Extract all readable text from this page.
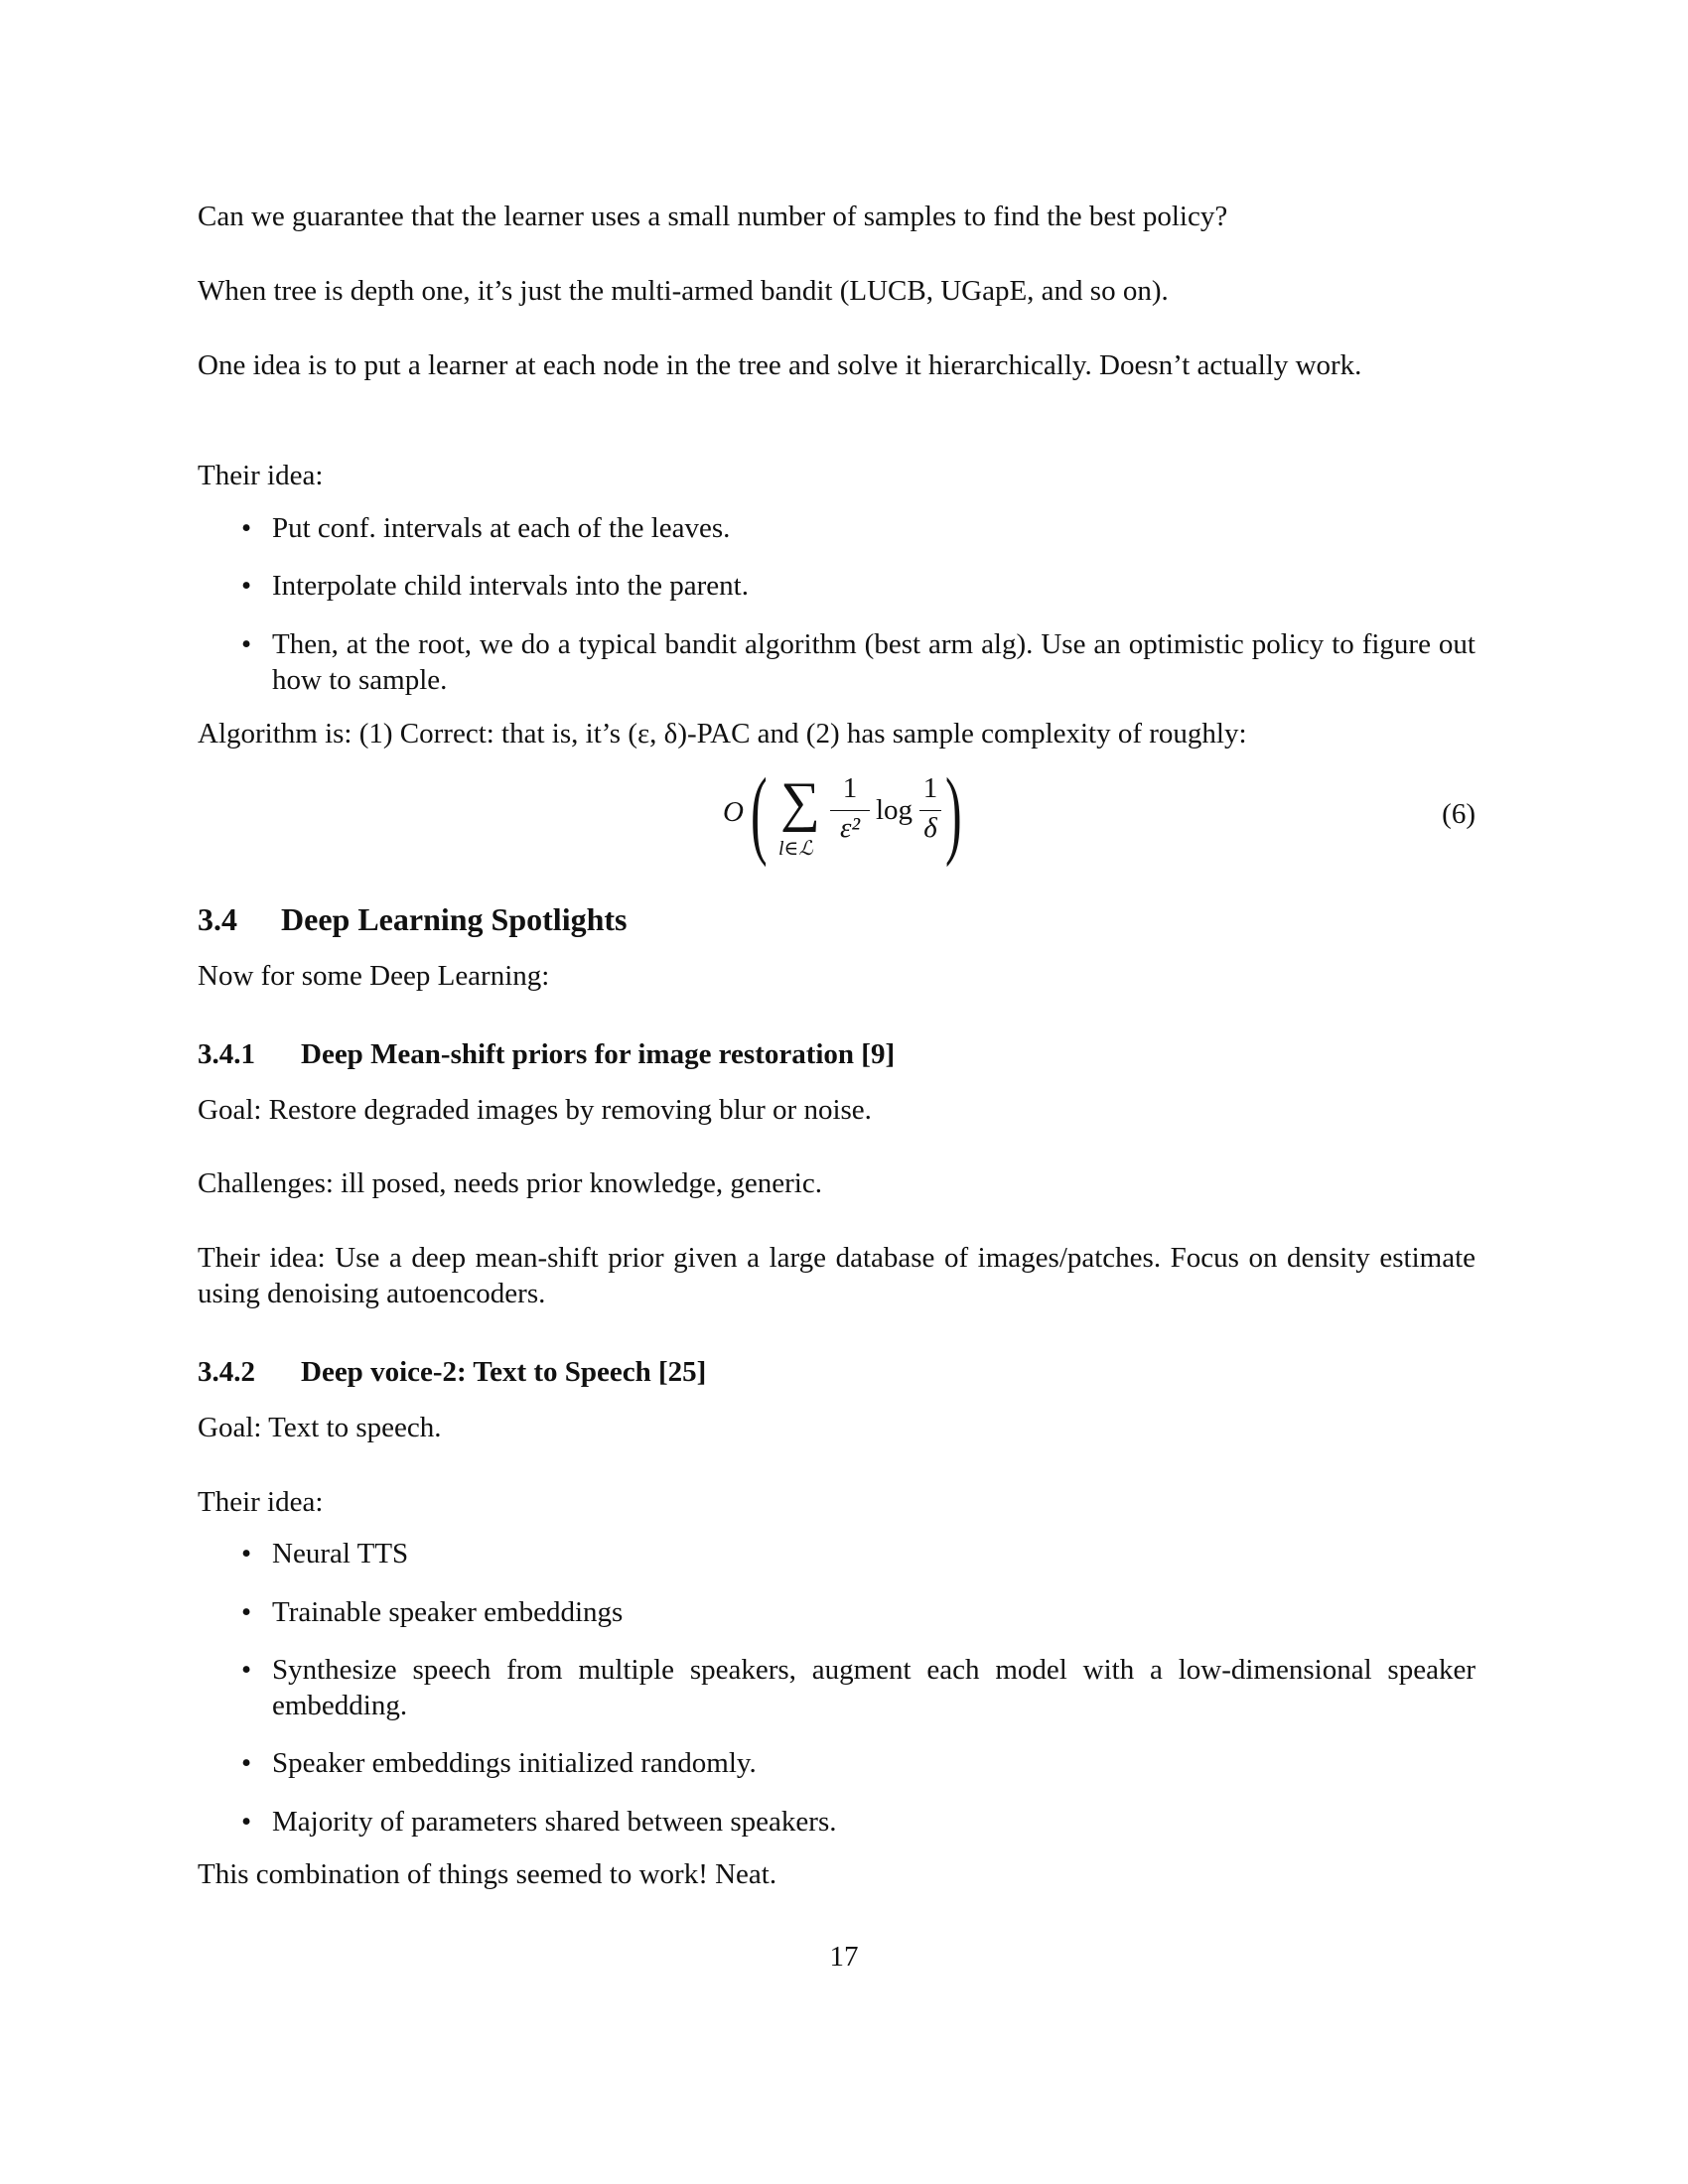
Can we guarantee that the learner uses a small number of samples to find the best policy?
When tree is depth one, it’s just the multi-armed bandit (LUCB, UGapE, and so on).
One idea is to put a learner at each node in the tree and solve it hierarchically. Doesn’t actually work.
Their idea:
• Put conf. intervals at each of the leaves.
• Interpolate child intervals into the parent.
• Then, at the root, we do a typical bandit algorithm (best arm alg). Use an optimistic policy to figure out how to sample.
Algorithm is: (1) Correct: that is, it’s (ε, δ)-PAC and (2) has sample complexity of roughly:
O ( ∑
l∈ℒ
1
ε²
log
1
δ )	(6)
3.4 Deep Learning Spotlights
Now for some Deep Learning:
3.4.1 Deep Mean-shift priors for image restoration [9]
Goal: Restore degraded images by removing blur or noise.
Challenges: ill posed, needs prior knowledge, generic.
Their idea: Use a deep mean-shift prior given a large database of images/patches. Focus on density estimate using denoising autoencoders.
3.4.2 Deep voice-2: Text to Speech [25]
Goal: Text to speech.
Their idea:
• Neural TTS
• Trainable speaker embeddings
• Synthesize speech from multiple speakers, augment each model with a low-dimensional speaker embedding.
• Speaker embeddings initialized randomly.
• Majority of parameters shared between speakers.
This combination of things seemed to work! Neat.
17
